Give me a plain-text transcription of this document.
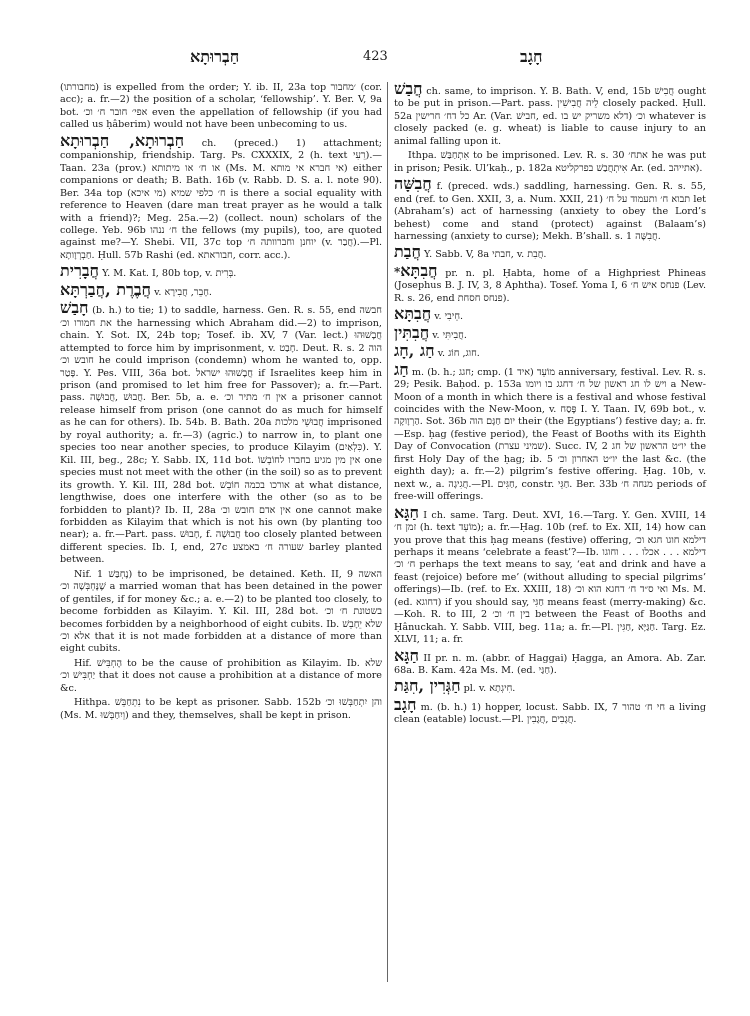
חַבְרוּתָא	423	חָגָב

(מחבורתו) is expelled from the order; Y. ib. II, 23a top ׳מחבור (cor. acc); a. fr.—2) the position of a scholar, ‘fellowship’. Y. Ber. V, 9a bot. אפי׳ חובר ח׳ וכ׳ even the appellation of fellowship (if you had called us ḥâberim) would not have been unbecoming to us.

חַבְרוּתָא, חַבְרוּתָא ch. (preced.) 1) attachment; companionship, friendship. Targ. Ps. CXXXIX, 2 (h. text רֵעִי).—Taan. 23a (prov.) או ח׳ או מיתותא (Ms. M. אי חברא אי מותא) either companions or death; B. Bath. 16b (v. Rabb. D. S. a. l. note 90). Ber. 34a top ח׳ כלפי שמיא (מי איכא) is there a social equality with reference to Heaven (dare man treat prayer as he would a talk with a friend)?; Meg. 25a.—2) (collect. noun) scholars of the college. Yeb. 96b ח׳ ננהו the fellows (my pupils), too, are quoted against me?—Y. Shebi. VII, 37c top יוחנן וחברוותה ח׳ (v. חֲבַר).—Pl. חַבְרְוָותָא. Ḥull. 57b Rashi (ed. חבוראתא, corr. acc.).

חֲבָרִית Y. M. Kat. I, 80b top, v. בְּרִית.

חֲבֶרֶת ,חֲבַרְתָּא v. חָבֵר, חֲבִירָא.

חָבַשׁ (b. h.) to tie; 1) to saddle, harness. Gen. R. s. 55, end חבשה את חמורו וכ׳ the harnessing which Abraham did.—2) to imprison, chain. Y. Sot. IX, 24b top; Tosef. ib. XV, 7 (Var. lect.) חֲבָשׁוּהוּ attempted to force him by imprisonment, v. חָבַט. Deut. R. s. 2 הוה חובש וכ׳ he could imprison (condemn) whom he wanted to, opp. פָּטַר. Y. Pes. VIII, 36a bot. חֲבָשׁוּהוּ ישראל if Israelites keep him in prison (and promised to let him free for Passover); a. fr.—Part. pass. חֲבוּשׁ ,חֲבוּשָׁה. Ber. 5b, a. e. אין ח׳ מתיר וכ׳ a prisoner cannot release himself from prison (one cannot do as much for himself as he can for others). Ib. 54b. B. Bath. 20a חֲבוּשֵׁי מלכות imprisoned by royal authority; a. fr.—3) (agric.) to narrow in, to plant one species too near another species, to produce Kilayim (כִּלְאַיִם). Y. Kil. III, beg., 28c; Y. Sabb. IX, 11d bot. אין מין מגיע בחברו לחוֹבְשׁוֹ one species must not meet with the other (in the soil) so as to prevent its growth. Y. Kil. III, 28d bot. אורכו בכמה חוֹבֵשׁ at what distance, lengthwise, does one interfere with the other (so as to be forbidden to plant)? Ib. II, 28a אין אדם חובש וכ׳ one cannot make forbidden as Kilayim that which is not his own (by planting too near); a. fr.—Part. pass. חָבוּשׁ, f. חֲבוּשָׁה too closely planted between different species. Ib. I, end, 27c שעורה ח׳ באמצע barley planted between.

Nif. נֶחְבַּשׁ 1) to be imprisoned, be detained. Keth. II, 9 האשה שֶׁנֶּחְבְּשָׁה וכ׳ a married woman that has been detained in the power of gentiles, if for money &c.; a. e.—2) to be planted too closely, to become forbidden as Kilayim. Y. Kil. III, 28d bot. בשטונת ח׳ וכ׳ becomes forbidden by a neighborhood of eight cubits. Ib. שלא יֵחָבֵשׁ אלא וכ׳ that it is not made forbidden at a distance of more than eight cubits.

Hif. הֶחְבִּישׁ to be the cause of prohibition as Kilayim. Ib. שלא יַחְבִּישׁ וכ׳ that it does not cause a prohibition at a distance of more &c.

Hithpa. נִתְחַבֵּשׁ to be kept as prisoner. Sabb. 152b והן יִתְחַבְּשׁוּ וכ׳ (Ms. M. וְיִחַבְּשׁוּ) and they, themselves, shall be kept in prison.

חֲבַשׁ ch. same, to imprison. Y. B. Bath. V, end, 15b חֲבִישׁ ought to be put in prison.—Part. pass. לֵיה חֲבִישִׁין closely packed. Ḥull. 52a כל דח׳ חרישין Ar. (Var. חבישׁ, ed. וכ׳ (דלא משריק יש בו whatever is closely packed (e. g. wheat) is liable to cause injury to an animal falling upon it.

Ithpa. אִתְחַבַּשׁ to be imprisoned. Lev. R. s. 30 אתח׳ he was put in prison; Pesik. Ul’kaḥ., p. 182a אִיתְחֲבַשׁ בפרקליטא Ar. (ed. אתייהב).

חֲבִשָּׁה f. (preced. wds.) saddling, harnessing. Gen. R. s. 55, end (ref. to Gen. XXII, 3, a. Num. XXII, 21) תבוא ח׳ ותעמוד על ח׳ let (Abraham’s) act of harnessing (anxiety to obey the Lord’s behest) come and stand (protect) against (Balaam’s) harnessing (anxiety to curse); Mekh. B’shall. s. 1 חֲבִשָּׁה.

חֲבַת Y. Sabb. V, 8a חבתי, v. חֲבִת.

*חֲבִתָּא pr. n. pl. Ḥabta, home of a Highpriest Phineas (Josephus B. J. IV, 3, 8 Aphtha). Tosef. Yoma I, 6 פנחס איש ח׳ (Lev. R. s. 26, end פנחס חסחת).

חֲבִתָּא v. חֵיבִי.

חֲבִתִּין v. חֲבִיתִּי.

חַג ,חָג v. חוג, חוֹג.

חַג m. (b. h.; חגג; cmp. מוֹעֵד (איד 1) anniversary, festival. Lev. R. s. 29; Pesik. Baḥod. p. 153a ויש לו חג ראשון של ח׳ דחגג בו ויומו a New-Moon of a month in which there is a festival and whose festival coincides with the New-Moon, v. פֶּסַח I. Y. Taan. IV, 69b bot., v. הַרְוָוקָה. Sot. 36b יום חַגָּם הוה their (the Egyptians’) festive day; a. fr.—Esp. ḥag (festive period), the Feast of Booths with its Eighth Day of Convocation (שמיני עצרת). Succ. IV, 2 יו״ט הראשון של חג the first Holy Day of the ḥag; ib. 5 יו״ט האחרון וכ׳ the last &c. (the eighth day); a. fr.—2) pilgrim’s festive offering. Ḥag. 10b, v. next w., a. חֲגִיגָה.—Pl. חַגִּים, constr. חַגֵּי. Ber. 33b מנחה ח׳ periods of free-will offerings.

חַגָּא I ch. same. Targ. Deut. XVI, 16.—Targ. Y. Gen. XVIII, 14 זמן ח׳ (h. text מוֹעֵד); a. fr.—Ḥag. 10b (ref. to Ex. XII, 14) how can you prove that this ḥag means (festive) offering, דילמא חוגו חגא וכ׳ perhaps it means ‘celebrate a feast’?—Ib. דילמא . . . אכלו . . . וחוגו ח׳ וכ׳ perhaps the text means to say, ‘eat and drink and have a feast (rejoice) before me’ (without alluding to special pilgrims’ offerings)—Ib. (ref. to Ex. XXIII, 18) ואי ס״ד ח׳ דחגא הוא וכ׳ Ms. M. (ed. דחוגא) if you should say, חַגִּי means feast (merry-making) &c.—Koh. R. to III, 2 בין ח׳ וכ׳ between the Feast of Booths and Ḥânuckah. Y. Sabb. VIII, beg. 11a; a. fr.—Pl. חַגַּיָּא ,חַגִּין. Targ. Ez. XLVI, 11; a. fr.

חַגָּא II pr. n. m. (abbr. of Haggai) Ḥagga, an Amora. Ab. Zar. 68a. B. Kam. 42a Ms. M. (ed. חַגַּי).

חַגְּרִין ,חִגַּת pl. v. חִיגְתָא.

חָגָב m. (b. h.) 1) hopper, locust. Sabb. IX, 7 חי ח׳ טהור a living clean (eatable) locust.—Pl. חֲגָבִים ,חֲגָבִין.
